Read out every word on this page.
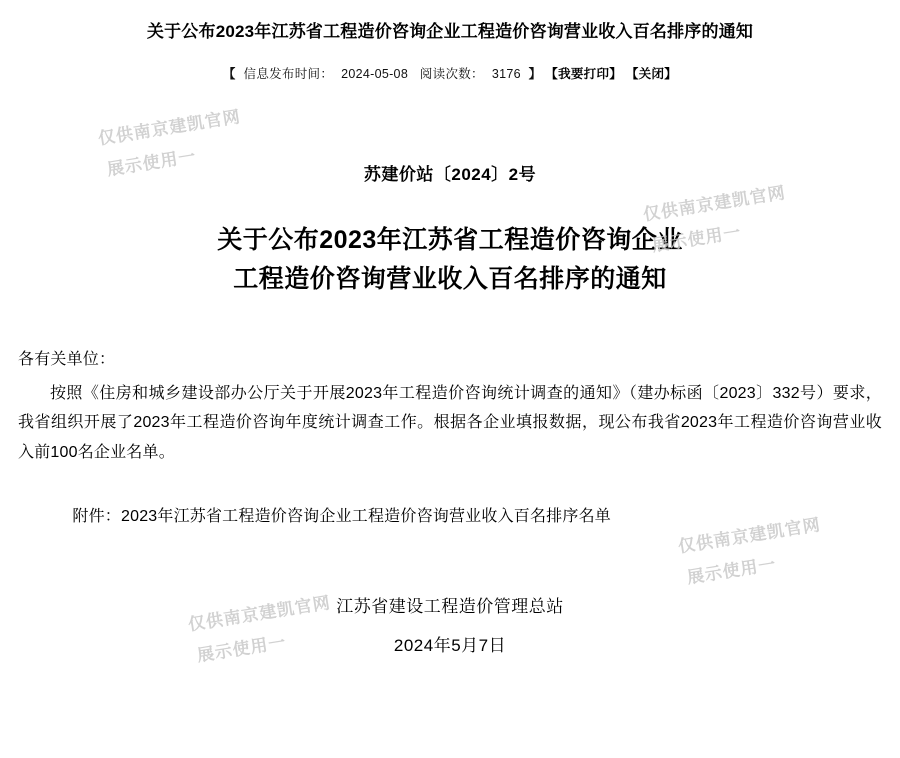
关于公布2023年江苏省工程造价咨询企业工程造价咨询营业收入百名排序的通知
【 信息发布时间： 2024-05-08 阅读次数： 3176 】 【我要打印】 【关闭】
苏建价站〔2024〕2号
关于公布2023年江苏省工程造价咨询企业
工程造价咨询营业收入百名排序的通知
各有关单位：
按照《住房和城乡建设部办公厅关于开展2023年工程造价咨询统计调查的通知》（建办标函〔2023〕332号）要求，我省组织开展了2023年工程造价咨询年度统计调查工作。根据各企业填报数据，现公布我省2023年工程造价咨询营业收入前100名企业名单。
附件：2023年江苏省工程造价咨询企业工程造价咨询营业收入百名排序名单
江苏省建设工程造价管理总站
2024年5月7日
仅供南京建凯官网
展示使用一
仅供南京建凯官网
展示使用一
仅供南京建凯官网
展示使用一
仅供南京建凯官网
展示使用一
